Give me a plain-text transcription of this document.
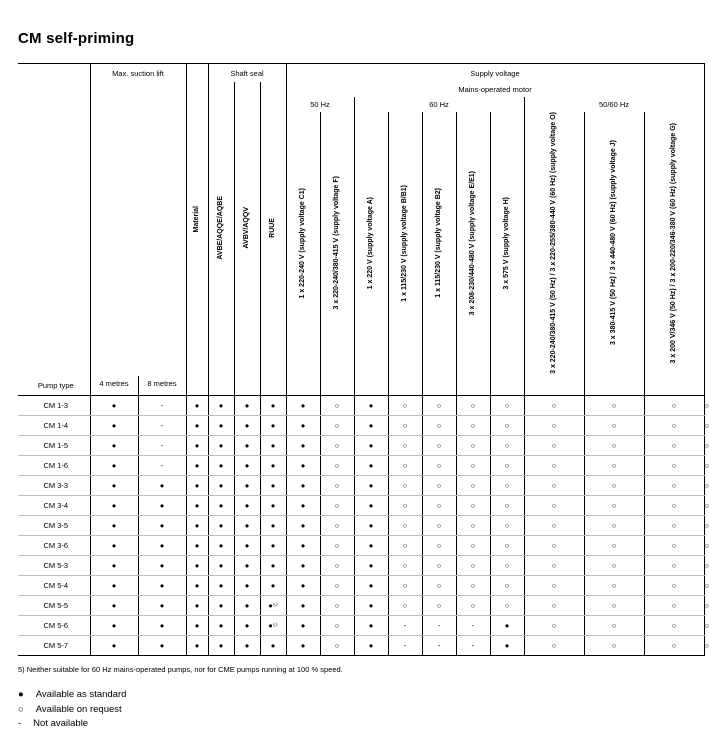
CM self-priming
	Max. suction lift		Material	Shaft seal			Supply voltage										
				AVBE/AQQE/AQBE	AVBV/AQQV	RUUE	Mains-operated motor										
							50 Hz		60 Hz					50/60 Hz			
							1 x 220-240 V (supply voltage C1)	3 x 220-240/380-415 V (supply voltage F)	1 x 220 V (supply voltage A)	1 x 115/230 V (supply voltage B/B1)	1 x 115/230 V (supply voltage B2)	3 x 208-230/440-480 V (supply voltage E/E1)	3 x 575 V (supply voltage H)	3 x 220-240/380-415 V (50 Hz) / 3 x 220-255/380-440 V (60 Hz) (supply voltage O)	3 x 380-415 V (50 Hz) / 3 x 440-480 V (60 Hz) (supply voltage J)	3 x 200 V/346 V (50 Hz) / 3 x 200-220/346-380 V (60 Hz) (supply voltage G)	
Pump type	4 metres	8 metres															
CM 1-3	●	-	●	●	●	●	●	○	●	○	○	○	○	○	○	○	○
CM 1-4	●	-	●	●	●	●	●	○	●	○	○	○	○	○	○	○	○
CM 1-5	●	-	●	●	●	●	●	○	●	○	○	○	○	○	○	○	○
CM 1-6	●	-	●	●	●	●	●	○	●	○	○	○	○	○	○	○	○
CM 3-3	●	●	●	●	●	●	●	○	●	○	○	○	○	○	○	○	○
CM 3-4	●	●	●	●	●	●	●	○	●	○	○	○	○	○	○	○	○
CM 3-5	●	●	●	●	●	●	●	○	●	○	○	○	○	○	○	○	○
CM 3-6	●	●	●	●	●	●	●	○	●	○	○	○	○	○	○	○	○
CM 5-3	●	●	●	●	●	●	●	○	●	○	○	○	○	○	○	○	○
CM 5-4	●	●	●	●	●	●	●	○	●	○	○	○	○	○	○	○	○
CM 5-5	●	●	●	●	●	●⁵⁾	●	○	●	○	○	○	○	○	○	○	○
CM 5-6	●	●	●	●	●	●⁵⁾	●	○	●	-	-	-	●	○	○	○	○
CM 5-7	●	●	●	●	●	●	●	○	●	-	-	-	●	○	○	○	○
5) Neither suitable for 60 Hz mains-operated pumps, nor for CME pumps running at 100 % speed.
● Available as standard
○ Available on request
- Not available
